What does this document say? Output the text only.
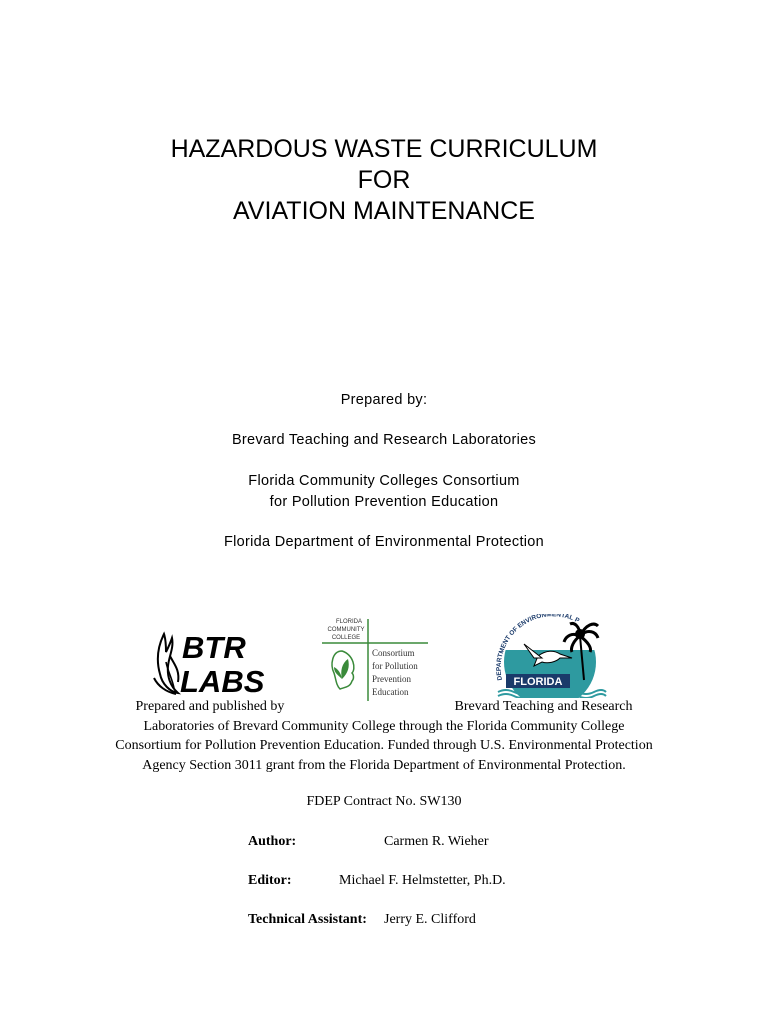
HAZARDOUS WASTE CURRICULUM
FOR
AVIATION MAINTENANCE
Prepared by:
Brevard Teaching and Research Laboratories
Florida Community Colleges Consortium
for Pollution Prevention Education
Florida Department of Environmental Protection
BTR
LABS
FLORIDA
COMMUNITY
COLLEGE
Consortium
for Pollution
Prevention
Education
DEPARTMENT OF ENVIRONMENTAL P
FLORIDA
Prepared and published by	Brevard Teaching and Research
Laboratories of Brevard Community College through the Florida Community College
Consortium for Pollution Prevention Education. Funded through U.S. Environmental Protection
Agency Section 3011 grant from the Florida Department of Environmental Protection.
FDEP Contract No. SW130
Author:	Carmen R. Wieher
Editor:	Michael F. Helmstetter, Ph.D.
Technical Assistant: Jerry E. Clifford
